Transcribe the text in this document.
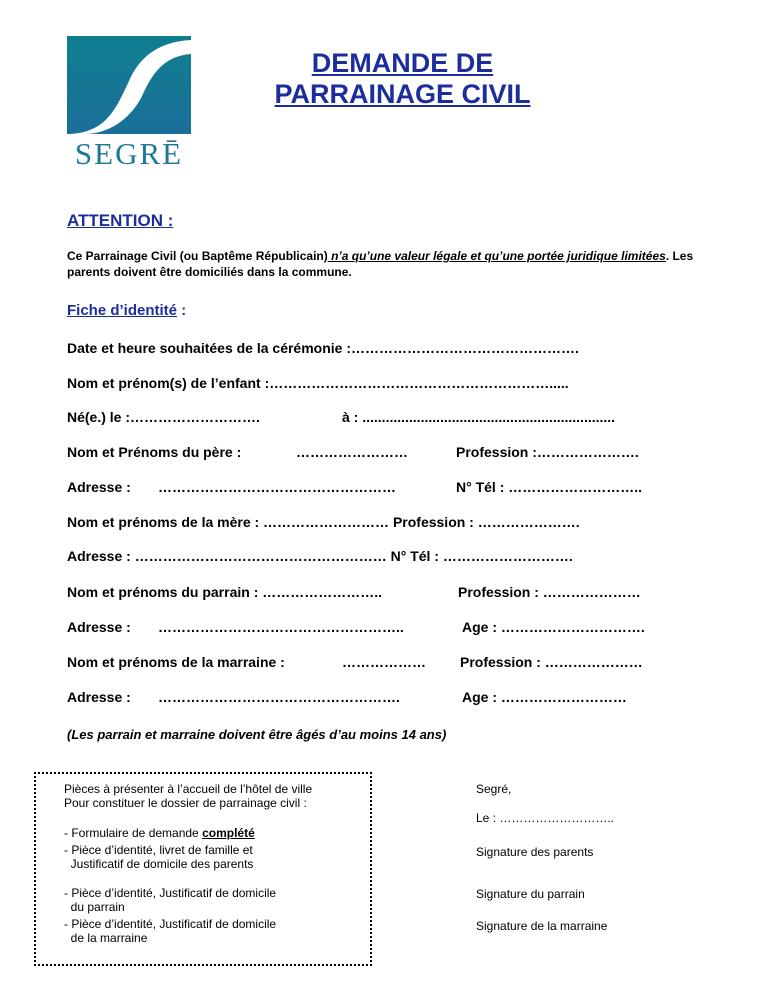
SEGRĒ
DEMANDE DE
PARRAINAGE CIVIL
ATTENTION :
Ce Parrainage Civil (ou Baptême Républicain) n’a qu’une valeur légale et qu’une portée juridique limitées. Les parents doivent être domiciliés dans la commune.
Fiche d’identité :
Date et heure souhaitées de la cérémonie :………………………………………….
Nom et prénom(s) de l’enfant :…………………………………………………….....
Né(e.) le :……………………….	à : .................................................................
Nom et Prénoms du père :	……………………	Profession :………………….
Adresse : ……………………………………………	N° Tél : ………………………..
Nom et prénoms de la mère : ……………………… Profession : ………………….
Adresse : ……………………………………………… N° Tél : ……………………….
Nom et prénoms du parrain : ……………………..	Profession : …………………
Adresse : ……………………………………………..	Age : ………………………….
Nom et prénoms de la marraine :	……………… Profession : …………………
Adresse : …………………………………………….	Age : ………………………
(Les parrain et marraine doivent être âgés d’au moins 14 ans)
Pièces à présenter à l’accueil de l’hôtel de ville
Pour constituer le dossier de parrainage civil :
- Formulaire de demande complété
- Pièce d’identité, livret de famille et
Justificatif de domicile des parents
- Pièce d’identité, Justificatif de domicile
du parrain
- Pièce d’identité, Justificatif de domicile
de la marraine
Segré,
Le : ………………………..
Signature des parents
Signature du parrain
Signature de la marraine
